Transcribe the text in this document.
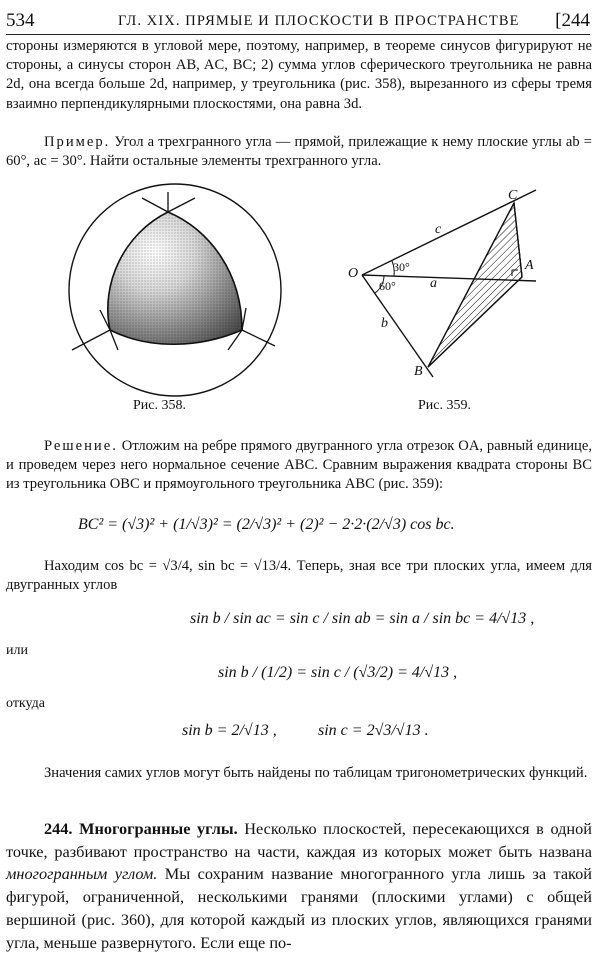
534	ГЛ. XIX. ПРЯМЫЕ И ПЛОСКОСТИ В ПРОСТРАНСТВЕ [244

стороны измеряются в угловой мере, поэтому, например, в теореме синусов фигурируют не стороны, а синусы сторон AB, AC, BC; 2) сумма углов сферического треугольника не равна 2d, она всегда больше 2d, например, у треугольника (рис. 358), вырезанного из сферы тремя взаимно перпендикулярными плоскостями, она равна 3d.

Пример. Угол a трехгранного угла — прямой, прилежащие к нему плоские углы ab = 60°, ac = 30°. Найти остальные элементы трехгранного угла.

Рис. 358.
O
A
B
C
a
b
c
30°
60°
Рис. 359.

Решение. Отложим на ребре прямого двугранного угла отрезок OA, равный единице, и проведем через него нормальное сечение ABC. Сравним выражения квадрата стороны BC из треугольника OBC и прямоугольного треугольника ABC (рис. 359):

BC² = (√3)² + (1/√3)² = (2/√3)² + (2)² − 2·2·(2/√3) cos bc.

Находим cos bc = √3/4, sin bc = √13/4. Теперь, зная все три плоских угла, имеем для двугранных углов

sin b / sin ac = sin c / sin ab = sin a / sin bc = 4/√13 ,
или
sin b / (1/2) = sin c / (√3/2) = 4/√13 ,
откуда
sin b = 2/√13 ,	sin c = 2√3/√13 .

Значения самих углов могут быть найдены по таблицам тригонометрических функций.

244. Многогранные углы. Несколько плоскостей, пересекающихся в одной точке, разбивают пространство на части, каждая из которых может быть названа многогранным углом. Мы сохраним название многогранного угла лишь за такой фигурой, ограниченной, несколькими гранями (плоскими углами) с общей вершиной (рис. 360), для которой каждый из плоских углов, являющихся гранями угла, меньше развернутого. Если еще по-
